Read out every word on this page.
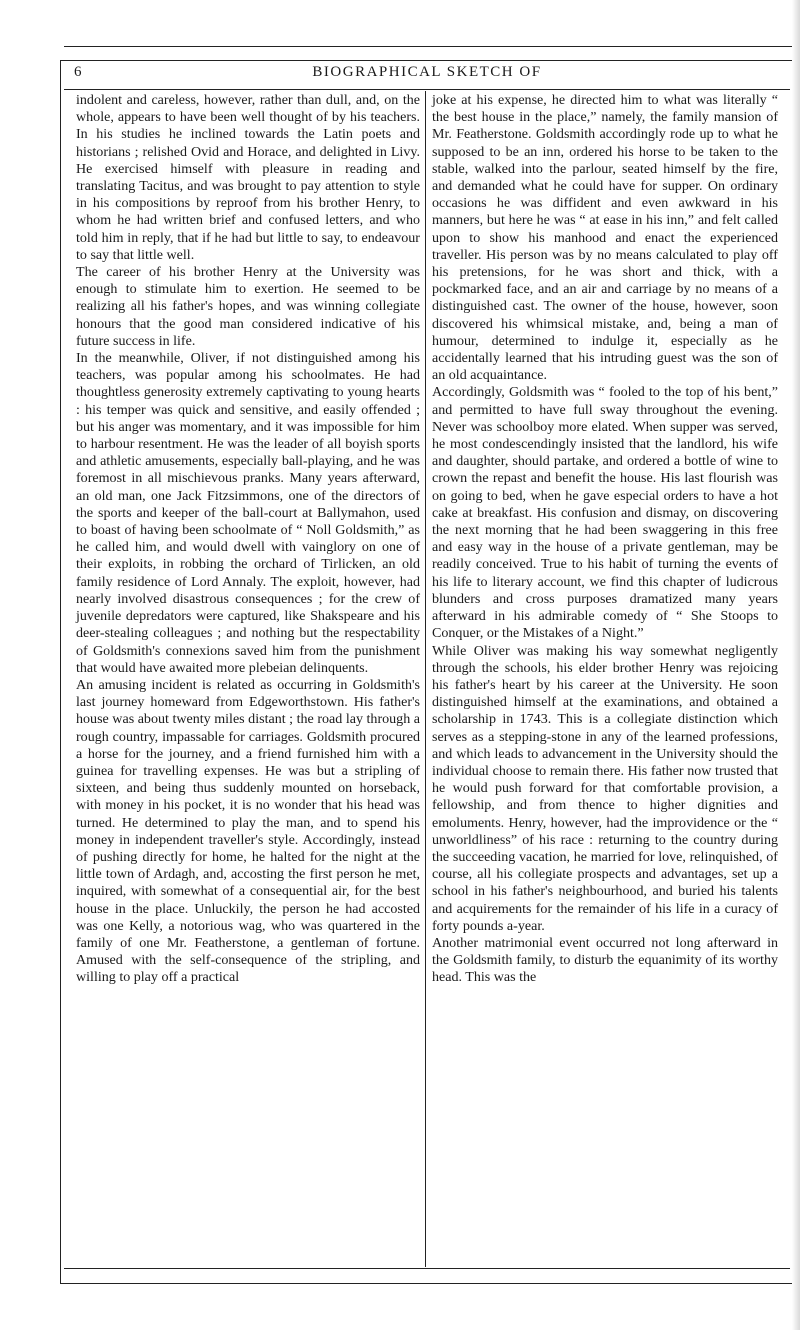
6	BIOGRAPHICAL SKETCH OF

indolent and careless, however, rather than dull, and, on the whole, appears to have been well thought of by his teachers. In his studies he inclined towards the Latin poets and historians ; relished Ovid and Horace, and delighted in Livy. He exercised himself with pleasure in reading and translating Tacitus, and was brought to pay attention to style in his compositions by reproof from his brother Henry, to whom he had written brief and confused letters, and who told him in reply, that if he had but little to say, to endeavour to say that little well.

The career of his brother Henry at the University was enough to stimulate him to exertion. He seemed to be realizing all his father's hopes, and was winning collegiate honours that the good man considered indicative of his future success in life.

In the meanwhile, Oliver, if not distinguished among his teachers, was popular among his schoolmates. He had thoughtless generosity extremely captivating to young hearts : his temper was quick and sensitive, and easily offended ; but his anger was momentary, and it was impossible for him to harbour resentment. He was the leader of all boyish sports and athletic amusements, especially ball-playing, and he was foremost in all mischievous pranks. Many years afterward, an old man, one Jack Fitzsimmons, one of the directors of the sports and keeper of the ball-court at Ballymahon, used to boast of having been schoolmate of “ Noll Goldsmith,” as he called him, and would dwell with vainglory on one of their exploits, in robbing the orchard of Tirlicken, an old family residence of Lord Annaly. The exploit, however, had nearly involved disastrous consequences ; for the crew of juvenile depredators were captured, like Shakspeare and his deer-stealing colleagues ; and nothing but the respectability of Goldsmith's connexions saved him from the punishment that would have awaited more plebeian delinquents.

An amusing incident is related as occurring in Goldsmith's last journey homeward from Edgeworthstown. His father's house was about twenty miles distant ; the road lay through a rough country, impassable for carriages. Goldsmith procured a horse for the journey, and a friend furnished him with a guinea for travelling expenses. He was but a stripling of sixteen, and being thus suddenly mounted on horseback, with money in his pocket, it is no wonder that his head was turned. He determined to play the man, and to spend his money in independent traveller's style. Accordingly, instead of pushing directly for home, he halted for the night at the little town of Ardagh, and, accosting the first person he met, inquired, with somewhat of a consequential air, for the best house in the place. Unluckily, the person he had accosted was one Kelly, a notorious wag, who was quartered in the family of one Mr. Featherstone, a gentleman of fortune. Amused with the self-consequence of the stripling, and willing to play off a practical

joke at his expense, he directed him to what was literally “ the best house in the place,” namely, the family mansion of Mr. Featherstone. Goldsmith accordingly rode up to what he supposed to be an inn, ordered his horse to be taken to the stable, walked into the parlour, seated himself by the fire, and demanded what he could have for supper. On ordinary occasions he was diffident and even awkward in his manners, but here he was “ at ease in his inn,” and felt called upon to show his manhood and enact the experienced traveller. His person was by no means calculated to play off his pretensions, for he was short and thick, with a pockmarked face, and an air and carriage by no means of a distinguished cast. The owner of the house, however, soon discovered his whimsical mistake, and, being a man of humour, determined to indulge it, especially as he accidentally learned that his intruding guest was the son of an old acquaintance.

Accordingly, Goldsmith was “ fooled to the top of his bent,” and permitted to have full sway throughout the evening. Never was schoolboy more elated. When supper was served, he most condescendingly insisted that the landlord, his wife and daughter, should partake, and ordered a bottle of wine to crown the repast and benefit the house. His last flourish was on going to bed, when he gave especial orders to have a hot cake at breakfast. His confusion and dismay, on discovering the next morning that he had been swaggering in this free and easy way in the house of a private gentleman, may be readily conceived. True to his habit of turning the events of his life to literary account, we find this chapter of ludicrous blunders and cross purposes dramatized many years afterward in his admirable comedy of “ She Stoops to Conquer, or the Mistakes of a Night.”

While Oliver was making his way somewhat negligently through the schools, his elder brother Henry was rejoicing his father's heart by his career at the University. He soon distinguished himself at the examinations, and obtained a scholarship in 1743. This is a collegiate distinction which serves as a stepping-stone in any of the learned professions, and which leads to advancement in the University should the individual choose to remain there. His father now trusted that he would push forward for that comfortable provision, a fellowship, and from thence to higher dignities and emoluments. Henry, however, had the improvidence or the “ unworldliness” of his race : returning to the country during the succeeding vacation, he married for love, relinquished, of course, all his collegiate prospects and advantages, set up a school in his father's neighbourhood, and buried his talents and acquirements for the remainder of his life in a curacy of forty pounds a-year.

Another matrimonial event occurred not long afterward in the Goldsmith family, to disturb the equanimity of its worthy head. This was the
